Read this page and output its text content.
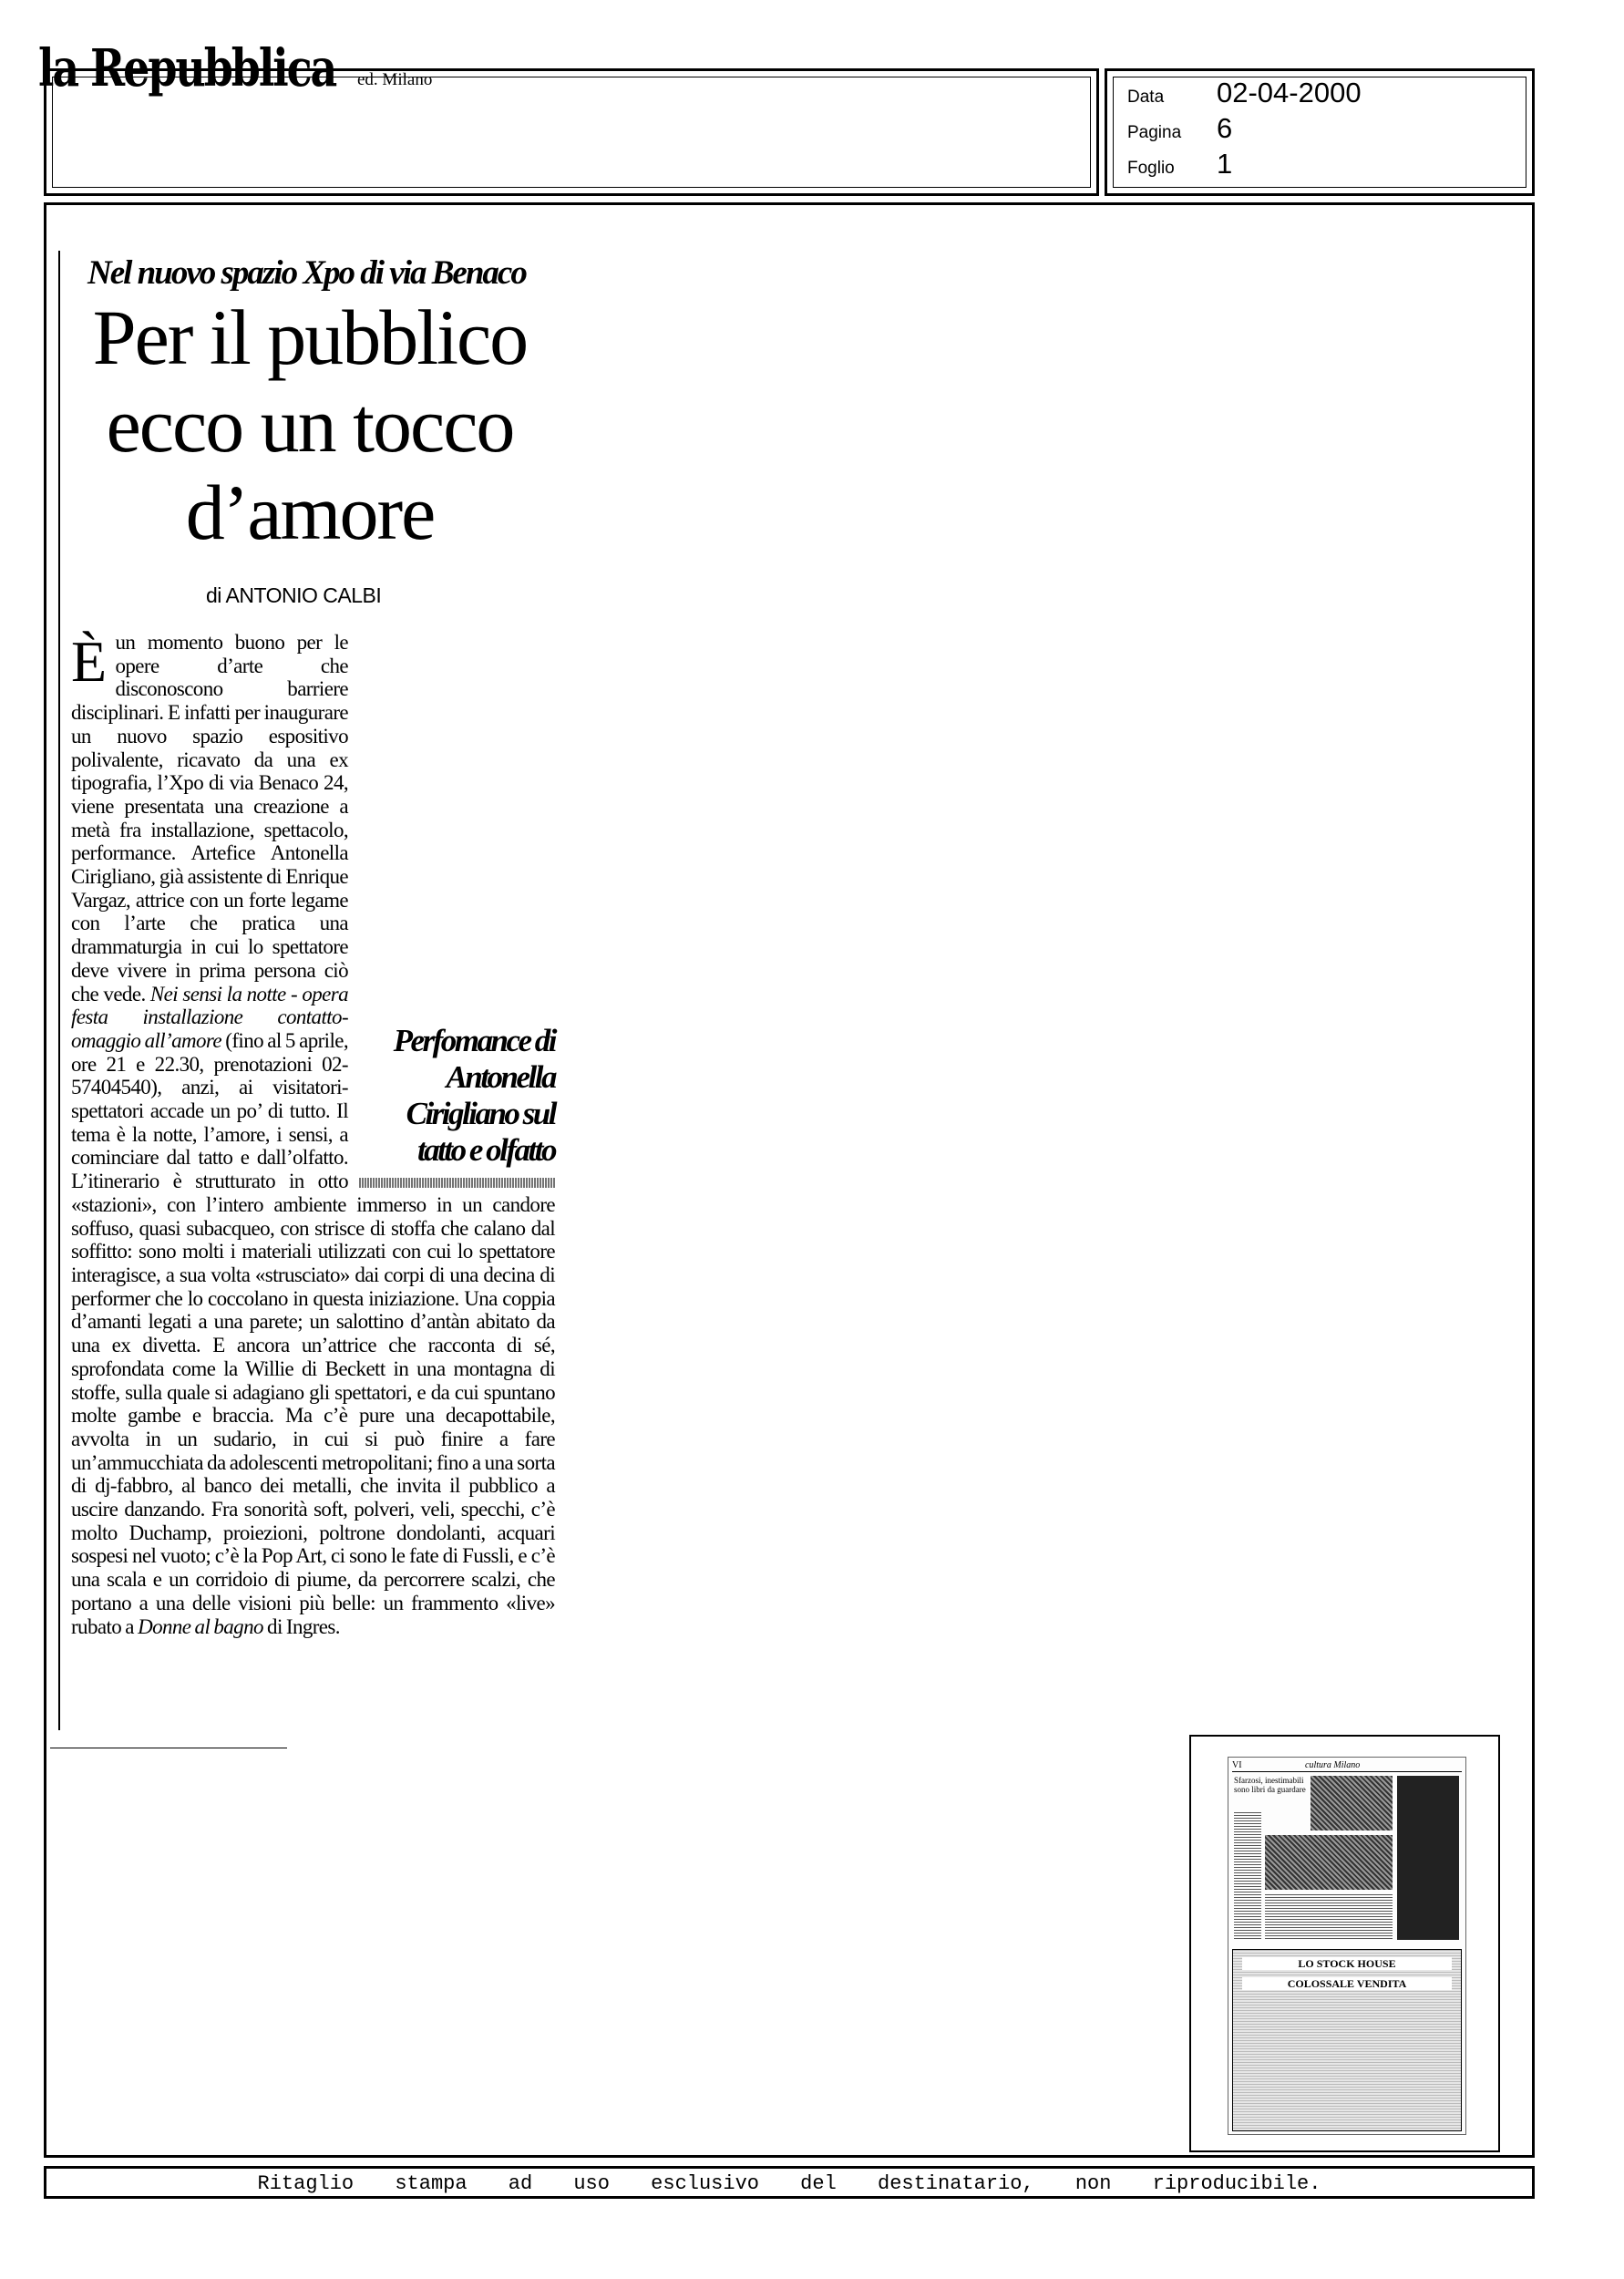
la Repubblica ed. Milano
Data	02-04-2000
Pagina	6
Foglio	1
Nel nuovo spazio Xpo di via Benaco
Per il pubblico ecco un tocco d’amore
di ANTONIO CALBI
È
Perfomance di Antonella Cirigliano sul tatto e olfatto
un momento buono per le opere d’arte che disconoscono barriere disciplinari. E infatti per inaugurare un nuovo spazio espositivo polivalente, ricavato da una ex tipografia, l’Xpo di via Benaco 24, viene presentata una creazione a metà fra installazione, spettacolo, performance. Artefice Antonella Cirigliano, già assistente di Enrique Vargaz, attrice con un forte legame con l’arte che pratica una drammaturgia in cui lo spettatore deve vivere in prima persona ciò che vede. Nei sensi la notte - opera festa installazione contatto-omaggio all’amore (fino al 5 aprile, ore 21 e 22.30, prenotazioni 02-57404540), anzi, ai visitatori-spettatori accade un po’ di tutto. Il tema è la notte, l’amore, i sensi, a cominciare dal tatto e dall’olfatto. L’itinerario è strutturato in otto «stazioni», con l’intero ambiente immerso in un candore soffuso, quasi subacqueo, con strisce di stoffa che calano dal soffitto: sono molti i materiali utilizzati con cui lo spettatore interagisce, a sua volta «strusciato» dai corpi di una decina di performer che lo coccolano in questa iniziazione. Una coppia d’amanti legati a una parete; un salottino d’antàn abitato da una ex divetta. E ancora un’attrice che racconta di sé, sprofondata come la Willie di Beckett in una montagna di stoffe, sulla quale si adagiano gli spettatori, e da cui spuntano molte gambe e braccia. Ma c’è pure una decapottabile, avvolta in un sudario, in cui si può finire a fare un’ammucchiata da adolescenti metropolitani; fino a una sorta di dj-fabbro, al banco dei metalli, che invita il pubblico a uscire danzando. Fra sonorità soft, polveri, veli, specchi, c’è molto Duchamp, proiezioni, poltrone dondolanti, acquari sospesi nel vuoto; c’è la Pop Art, ci sono le fate di Fussli, e c’è una scala e un corridoio di piume, da percorrere scalzi, che portano a una delle visioni più belle: un frammento «live» rubato a Donne al bagno di Ingres.
VI	cultura Milano
Sfarzosi, inestimabili sono libri da guardare
LO STOCK HOUSE
COLOSSALE VENDITA
Ritaglio stampa ad uso esclusivo del destinatario, non riproducibile.
